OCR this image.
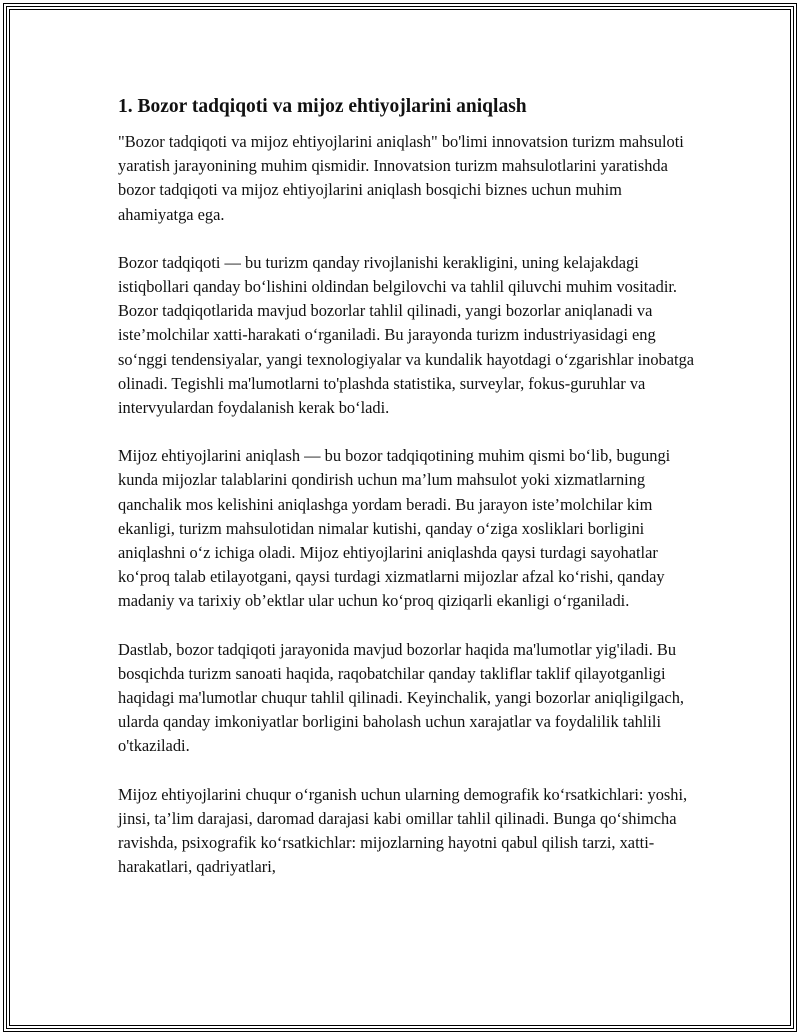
1. Bozor tadqiqoti va mijoz ehtiyojlarini aniqlash

"Bozor tadqiqoti va mijoz ehtiyojlarini aniqlash" bo'limi innovatsion turizm mahsuloti yaratish jarayonining muhim qismidir. Innovatsion turizm mahsulotlarini yaratishda bozor tadqiqoti va mijoz ehtiyojlarini aniqlash bosqichi biznes uchun muhim ahamiyatga ega.

Bozor tadqiqoti — bu turizm qanday rivojlanishi kerakligini, uning kelajakdagi istiqbollari qanday bo‘lishini oldindan belgilovchi va tahlil qiluvchi muhim vositadir. Bozor tadqiqotlarida mavjud bozorlar tahlil qilinadi, yangi bozorlar aniqlanadi va iste’molchilar xatti-harakati o‘rganiladi. Bu jarayonda turizm industriyasidagi eng so‘nggi tendensiyalar, yangi texnologiyalar va kundalik hayotdagi o‘zgarishlar inobatga olinadi. Tegishli ma'lumotlarni to'plashda statistika, surveylar, fokus-guruhlar va intervyulardan foydalanish kerak bo‘ladi.

Mijoz ehtiyojlarini aniqlash — bu bozor tadqiqotining muhim qismi bo‘lib, bugungi kunda mijozlar talablarini qondirish uchun ma’lum mahsulot yoki xizmatlarning qanchalik mos kelishini aniqlashga yordam beradi. Bu jarayon iste’molchilar kim ekanligi, turizm mahsulotidan nimalar kutishi, qanday o‘ziga xosliklari borligini aniqlashni o‘z ichiga oladi. Mijoz ehtiyojlarini aniqlashda qaysi turdagi sayohatlar ko‘proq talab etilayotgani, qaysi turdagi xizmatlarni mijozlar afzal ko‘rishi, qanday madaniy va tarixiy ob’ektlar ular uchun ko‘proq qiziqarli ekanligi o‘rganiladi.

Dastlab, bozor tadqiqoti jarayonida mavjud bozorlar haqida ma'lumotlar yig'iladi. Bu bosqichda turizm sanoati haqida, raqobatchilar qanday takliflar taklif qilayotganligi haqidagi ma'lumotlar chuqur tahlil qilinadi. Keyinchalik, yangi bozorlar aniqligilgach, ularda qanday imkoniyatlar borligini baholash uchun xarajatlar va foydalilik tahlili o'tkaziladi.

Mijoz ehtiyojlarini chuqur o‘rganish uchun ularning demografik ko‘rsatkichlari: yoshi, jinsi, ta’lim darajasi, daromad darajasi kabi omillar tahlil qilinadi. Bunga qo‘shimcha ravishda, psixografik ko‘rsatkichlar: mijozlarning hayotni qabul qilish tarzi, xatti-harakatlari, qadriyatlari,
